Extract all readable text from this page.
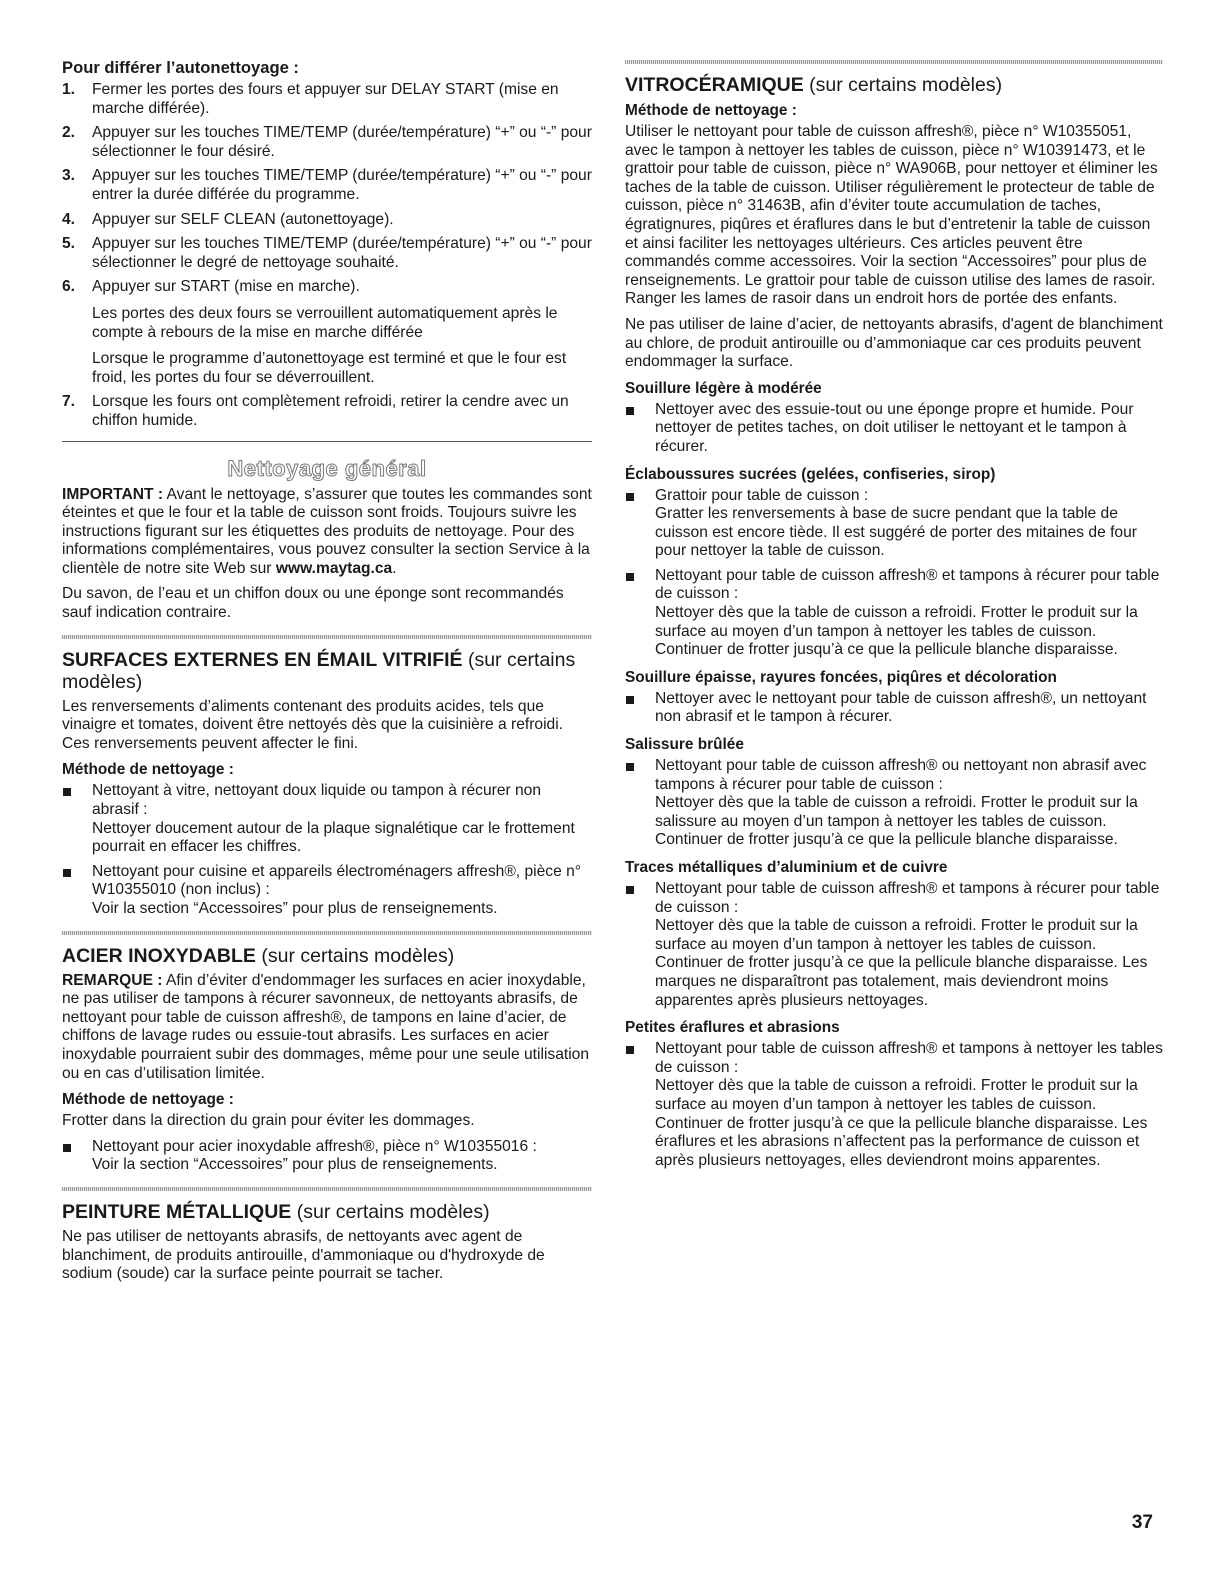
Pour différer l’autonettoyage :
1. Fermer les portes des fours et appuyer sur DELAY START (mise en marche différée).
2. Appuyer sur les touches TIME/TEMP (durée/température) “+” ou “-” pour sélectionner le four désiré.
3. Appuyer sur les touches TIME/TEMP (durée/température) “+” ou “-” pour entrer la durée différée du programme.
4. Appuyer sur SELF CLEAN (autonettoyage).
5. Appuyer sur les touches TIME/TEMP (durée/température) “+” ou “-” pour sélectionner le degré de nettoyage souhaité.
6. Appuyer sur START (mise en marche).
Les portes des deux fours se verrouillent automatiquement après le compte à rebours de la mise en marche différée
Lorsque le programme d’autonettoyage est terminé et que le four est froid, les portes du four se déverrouillent.
7. Lorsque les fours ont complètement refroidi, retirer la cendre avec un chiffon humide.
Nettoyage général

IMPORTANT : Avant le nettoyage, s’assurer que toutes les commandes sont éteintes et que le four et la table de cuisson sont froids. Toujours suivre les instructions figurant sur les étiquettes des produits de nettoyage. Pour des informations complémentaires, vous pouvez consulter la section Service à la clientèle de notre site Web sur www.maytag.ca.

Du savon, de l’eau et un chiffon doux ou une éponge sont recommandés sauf indication contraire.

SURFACES EXTERNES EN ÉMAIL VITRIFIÉ (sur certains modèles)

Les renversements d’aliments contenant des produits acides, tels que vinaigre et tomates, doivent être nettoyés dès que la cuisinière a refroidi. Ces renversements peuvent affecter le fini.

Méthode de nettoyage :
Nettoyant à vitre, nettoyant doux liquide ou tampon à récurer non abrasif :
Nettoyer doucement autour de la plaque signalétique car le frottement pourrait en effacer les chiffres.
Nettoyant pour cuisine et appareils électroménagers affresh®, pièce n° W10355010 (non inclus) :
Voir la section “Accessoires” pour plus de renseignements.
ACIER INOXYDABLE (sur certains modèles)

REMARQUE : Afin d’éviter d'endommager les surfaces en acier inoxydable, ne pas utiliser de tampons à récurer savonneux, de nettoyants abrasifs, de nettoyant pour table de cuisson affresh®, de tampons en laine d’acier, de chiffons de lavage rudes ou essuie-tout abrasifs. Les surfaces en acier inoxydable pourraient subir des dommages, même pour une seule utilisation ou en cas d’utilisation limitée.

Méthode de nettoyage :

Frotter dans la direction du grain pour éviter les dommages.

Nettoyant pour acier inoxydable affresh®, pièce n° W10355016 :
Voir la section “Accessoires” pour plus de renseignements.
PEINTURE MÉTALLIQUE (sur certains modèles)

Ne pas utiliser de nettoyants abrasifs, de nettoyants avec agent de blanchiment, de produits antirouille, d'ammoniaque ou d'hydroxyde de sodium (soude) car la surface peinte pourrait se tacher.

VITROCÉRAMIQUE (sur certains modèles)
Méthode de nettoyage :

Utiliser le nettoyant pour table de cuisson affresh®, pièce n° W10355051, avec le tampon à nettoyer les tables de cuisson, pièce n° W10391473, et le grattoir pour table de cuisson, pièce n° WA906B, pour nettoyer et éliminer les taches de la table de cuisson. Utiliser régulièrement le protecteur de table de cuisson, pièce n° 31463B, afin d’éviter toute accumulation de taches, égratignures, piqûres et éraflures dans le but d’entretenir la table de cuisson et ainsi faciliter les nettoyages ultérieurs. Ces articles peuvent être commandés comme accessoires. Voir la section “Accessoires” pour plus de renseignements. Le grattoir pour table de cuisson utilise des lames de rasoir. Ranger les lames de rasoir dans un endroit hors de portée des enfants.

Ne pas utiliser de laine d’acier, de nettoyants abrasifs, d'agent de blanchiment au chlore, de produit antirouille ou d’ammoniaque car ces produits peuvent endommager la surface.

Souillure légère à modérée
Nettoyer avec des essuie-tout ou une éponge propre et humide. Pour nettoyer de petites taches, on doit utiliser le nettoyant et le tampon à récurer.
Éclaboussures sucrées (gelées, confiseries, sirop)
Grattoir pour table de cuisson :
Gratter les renversements à base de sucre pendant que la table de cuisson est encore tiède. Il est suggéré de porter des mitaines de four pour nettoyer la table de cuisson.
Nettoyant pour table de cuisson affresh® et tampons à récurer pour table de cuisson :
Nettoyer dès que la table de cuisson a refroidi. Frotter le produit sur la surface au moyen d’un tampon à nettoyer les tables de cuisson. Continuer de frotter jusqu’à ce que la pellicule blanche disparaisse.
Souillure épaisse, rayures foncées, piqûres et décoloration
Nettoyer avec le nettoyant pour table de cuisson affresh®, un nettoyant non abrasif et le tampon à récurer.
Salissure brûlée
Nettoyant pour table de cuisson affresh® ou nettoyant non abrasif avec tampons à récurer pour table de cuisson :
Nettoyer dès que la table de cuisson a refroidi. Frotter le produit sur la salissure au moyen d’un tampon à nettoyer les tables de cuisson. Continuer de frotter jusqu’à ce que la pellicule blanche disparaisse.
Traces métalliques d’aluminium et de cuivre
Nettoyant pour table de cuisson affresh® et tampons à récurer pour table de cuisson :
Nettoyer dès que la table de cuisson a refroidi. Frotter le produit sur la surface au moyen d’un tampon à nettoyer les tables de cuisson. Continuer de frotter jusqu’à ce que la pellicule blanche disparaisse. Les marques ne disparaîtront pas totalement, mais deviendront moins apparentes après plusieurs nettoyages.
Petites éraflures et abrasions
Nettoyant pour table de cuisson affresh® et tampons à nettoyer les tables de cuisson :
Nettoyer dès que la table de cuisson a refroidi. Frotter le produit sur la surface au moyen d’un tampon à nettoyer les tables de cuisson. Continuer de frotter jusqu’à ce que la pellicule blanche disparaisse. Les éraflures et les abrasions n’affectent pas la performance de cuisson et après plusieurs nettoyages, elles deviendront moins apparentes.
37
